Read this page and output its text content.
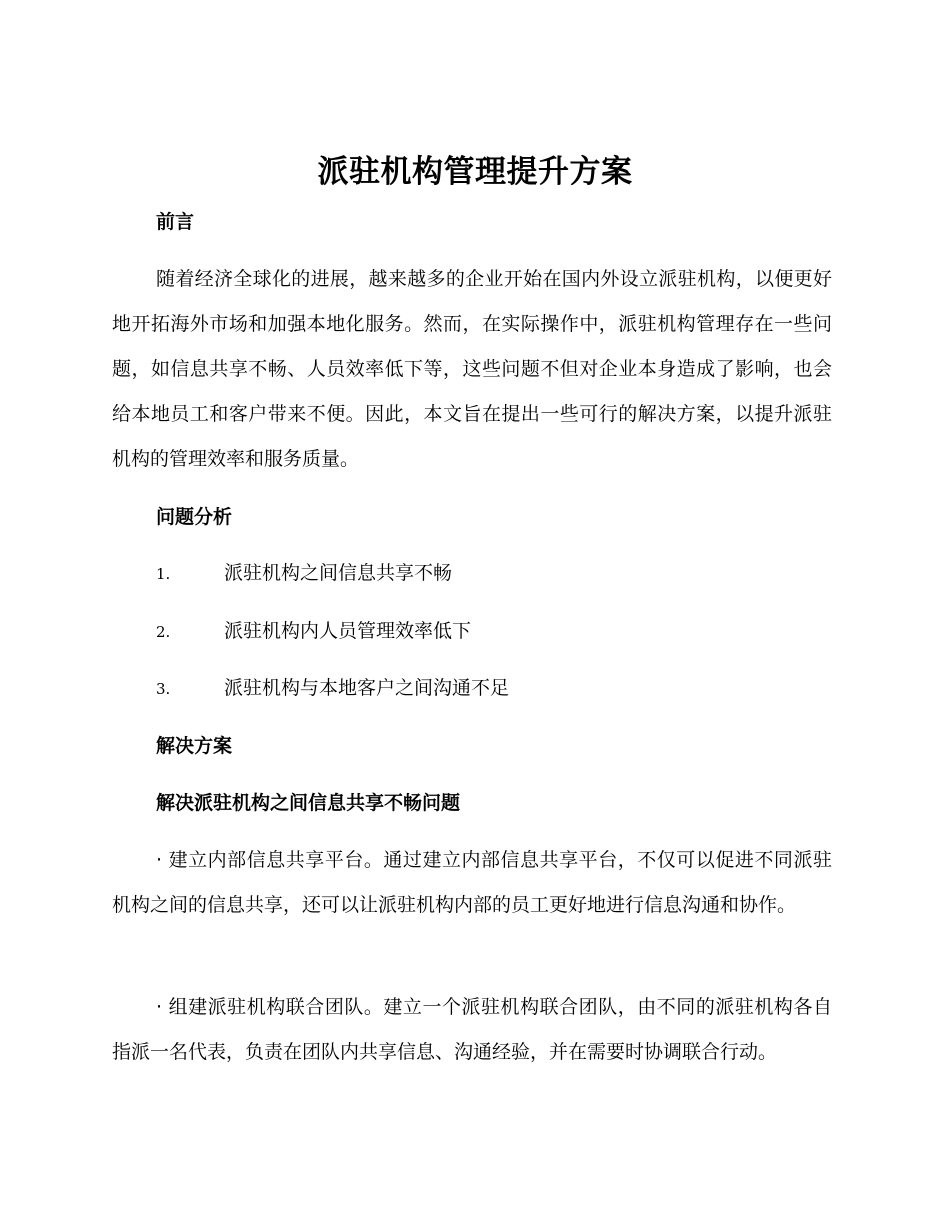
派驻机构管理提升方案
前言
随着经济全球化的进展，越来越多的企业开始在国内外设立派驻机构，以便更好地开拓海外市场和加强本地化服务。然而，在实际操作中，派驻机构管理存在一些问题，如信息共享不畅、人员效率低下等，这些问题不但对企业本身造成了影响，也会给本地员工和客户带来不便。因此，本文旨在提出一些可行的解决方案，以提升派驻机构的管理效率和服务质量。
问题分析
1.	派驻机构之间信息共享不畅
2.	派驻机构内人员管理效率低下
3.	派驻机构与本地客户之间沟通不足
解决方案
解决派驻机构之间信息共享不畅问题
· 建立内部信息共享平台。通过建立内部信息共享平台，不仅可以促进不同派驻机构之间的信息共享，还可以让派驻机构内部的员工更好地进行信息沟通和协作。
· 组建派驻机构联合团队。建立一个派驻机构联合团队，由不同的派驻机构各自指派一名代表，负责在团队内共享信息、沟通经验，并在需要时协调联合行动。
